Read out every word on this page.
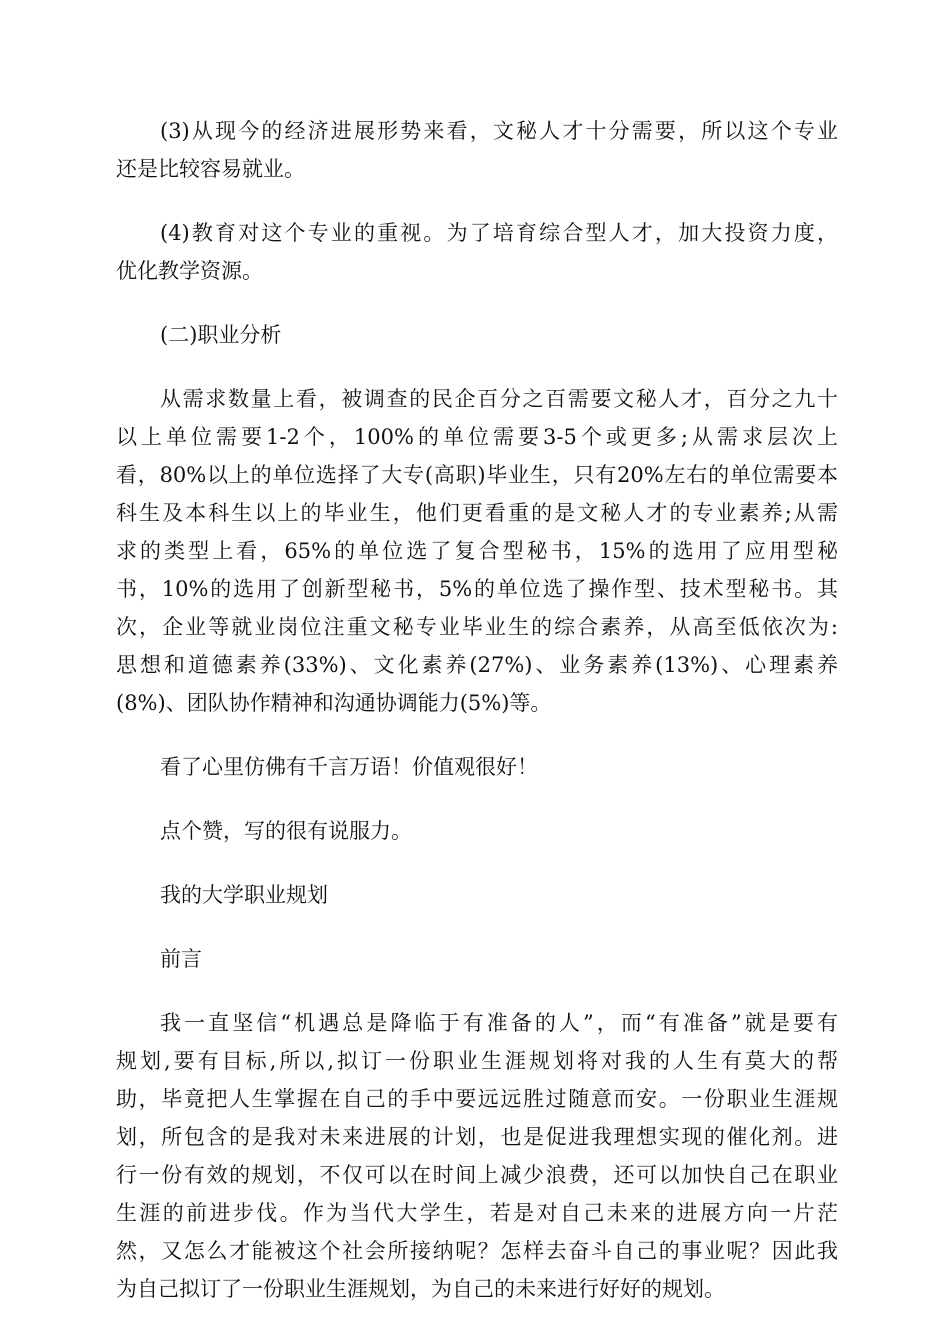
(3)从现今的经济进展形势来看，文秘人才十分需要，所以这个专业
还是比较容易就业。

(4)教育对这个专业的重视。为了培育综合型人才，加大投资力度，
优化教学资源。

(二)职业分析

从需求数量上看，被调查的民企百分之百需要文秘人才，百分之九十
以上单位需要1-2个，100%的单位需要3-5个或更多;从需求层次上
看，80%以上的单位选择了大专(高职)毕业生，只有20%左右的单位需要本
科生及本科生以上的毕业生，他们更看重的是文秘人才的专业素养;从需
求的类型上看，65%的单位选了复合型秘书，15%的选用了应用型秘
书，10%的选用了创新型秘书，5%的单位选了操作型、技术型秘书。其
次，企业等就业岗位注重文秘专业毕业生的综合素养，从高至低依次为:
思想和道德素养(33%)、文化素养(27%)、业务素养(13%)、心理素养
(8%)、团队协作精神和沟通协调能力(5%)等。

看了心里仿佛有千言万语！价值观很好！

点个赞，写的很有说服力。

我的大学职业规划

前言

我一直坚信“机遇总是降临于有准备的人”，而“有准备”就是要有
规划,要有目标,所以,拟订一份职业生涯规划将对我的人生有莫大的帮
助，毕竟把人生掌握在自己的手中要远远胜过随意而安。一份职业生涯规
划，所包含的是我对未来进展的计划，也是促进我理想实现的催化剂。进
行一份有效的规划，不仅可以在时间上减少浪费，还可以加快自己在职业
生涯的前进步伐。作为当代大学生，若是对自己未来的进展方向一片茫
然，又怎么才能被这个社会所接纳呢？怎样去奋斗自己的事业呢？因此我
为自己拟订了一份职业生涯规划，为自己的未来进行好好的规划。
